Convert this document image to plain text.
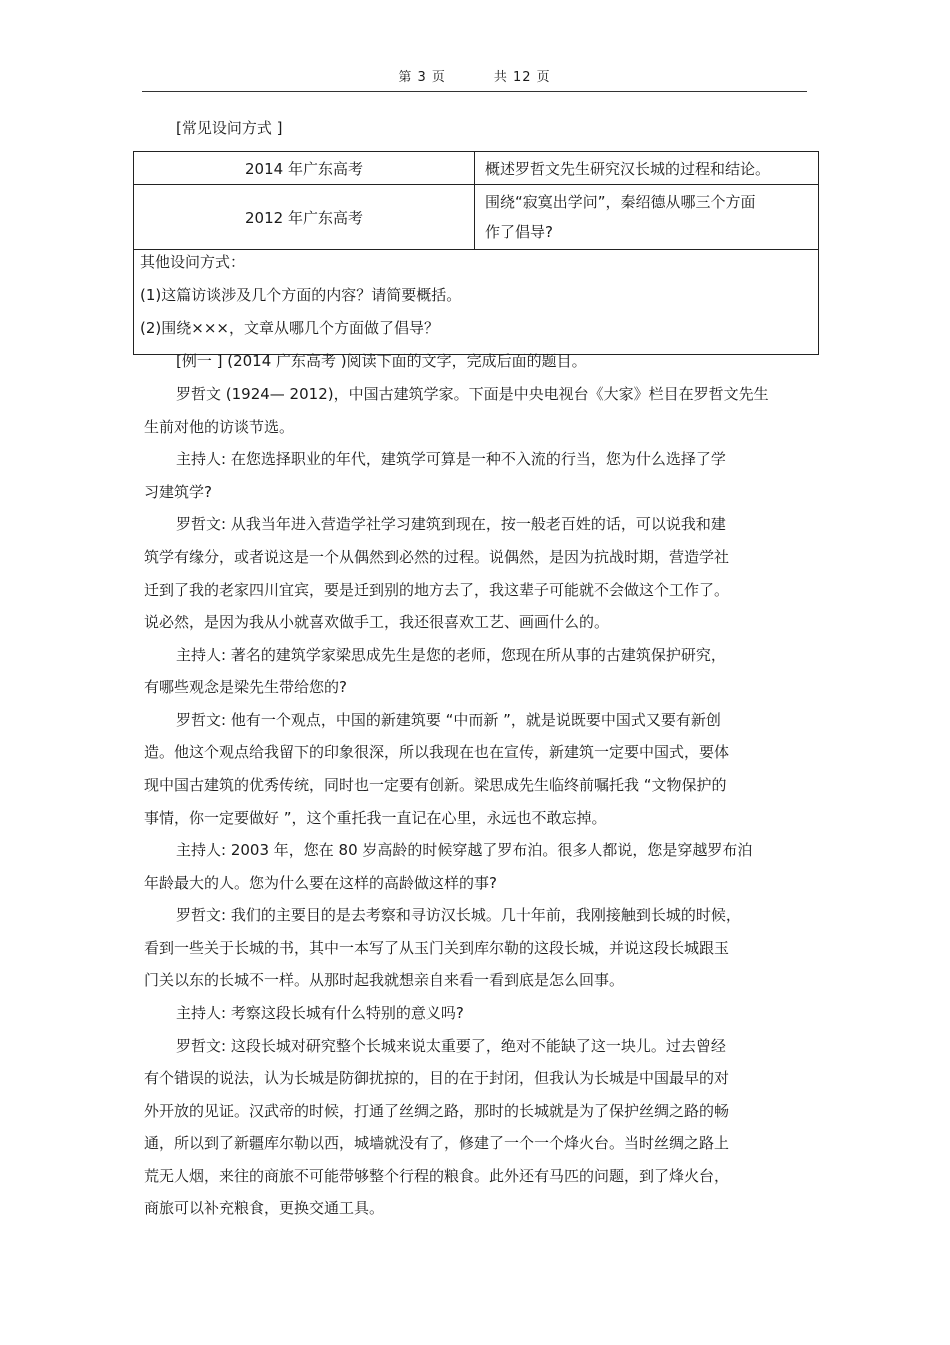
第 3 页	共 12 页
[常见设问方式 ]
2014 年广东高考	概述罗哲文先生研究汉长城的过程和结论。
2012 年广东高考	围绕“寂寞出学问”，秦绍德从哪三个方面
作了倡导?

其他设问方式：
(1)这篇访谈涉及几个方面的内容？请简要概括。
(2)围绕×××，文章从哪几个方面做了倡导？	
[例一 ] (2014 广东高考 )阅读下面的文字，完成后面的题目。
罗哲文 (1924— 2012)，中国古建筑学家。下面是中央电视台《大家》栏目在罗哲文先生
生前对他的访谈节选。
主持人: 在您选择职业的年代，建筑学可算是一种不入流的行当，您为什么选择了学
习建筑学?
罗哲文: 从我当年进入营造学社学习建筑到现在，按一般老百姓的话，可以说我和建
筑学有缘分，或者说这是一个从偶然到必然的过程。说偶然，是因为抗战时期，营造学社
迁到了我的老家四川宜宾，要是迁到别的地方去了，我这辈子可能就不会做这个工作了。
说必然，是因为我从小就喜欢做手工，我还很喜欢工艺、画画什么的。
主持人: 著名的建筑学家梁思成先生是您的老师，您现在所从事的古建筑保护研究，
有哪些观念是梁先生带给您的?
罗哲文: 他有一个观点，中国的新建筑要 “中而新 ”，就是说既要中国式又要有新创
造。他这个观点给我留下的印象很深，所以我现在也在宣传，新建筑一定要中国式，要体
现中国古建筑的优秀传统，同时也一定要有创新。梁思成先生临终前嘱托我 “文物保护的
事情，你一定要做好 ”，这个重托我一直记在心里，永远也不敢忘掉。
主持人: 2003 年，您在 80 岁高龄的时候穿越了罗布泊。很多人都说，您是穿越罗布泊
年龄最大的人。您为什么要在这样的高龄做这样的事?
罗哲文: 我们的主要目的是去考察和寻访汉长城。几十年前，我刚接触到长城的时候，
看到一些关于长城的书，其中一本写了从玉门关到库尔勒的这段长城，并说这段长城跟玉
门关以东的长城不一样。从那时起我就想亲自来看一看到底是怎么回事。
主持人: 考察这段长城有什么特别的意义吗?
罗哲文: 这段长城对研究整个长城来说太重要了，绝对不能缺了这一块儿。过去曾经
有个错误的说法，认为长城是防御扰掠的，目的在于封闭，但我认为长城是中国最早的对
外开放的见证。汉武帝的时候，打通了丝绸之路，那时的长城就是为了保护丝绸之路的畅
通，所以到了新疆库尔勒以西，城墙就没有了，修建了一个一个烽火台。当时丝绸之路上
荒无人烟，来往的商旅不可能带够整个行程的粮食。此外还有马匹的问题，到了烽火台，
商旅可以补充粮食，更换交通工具。
